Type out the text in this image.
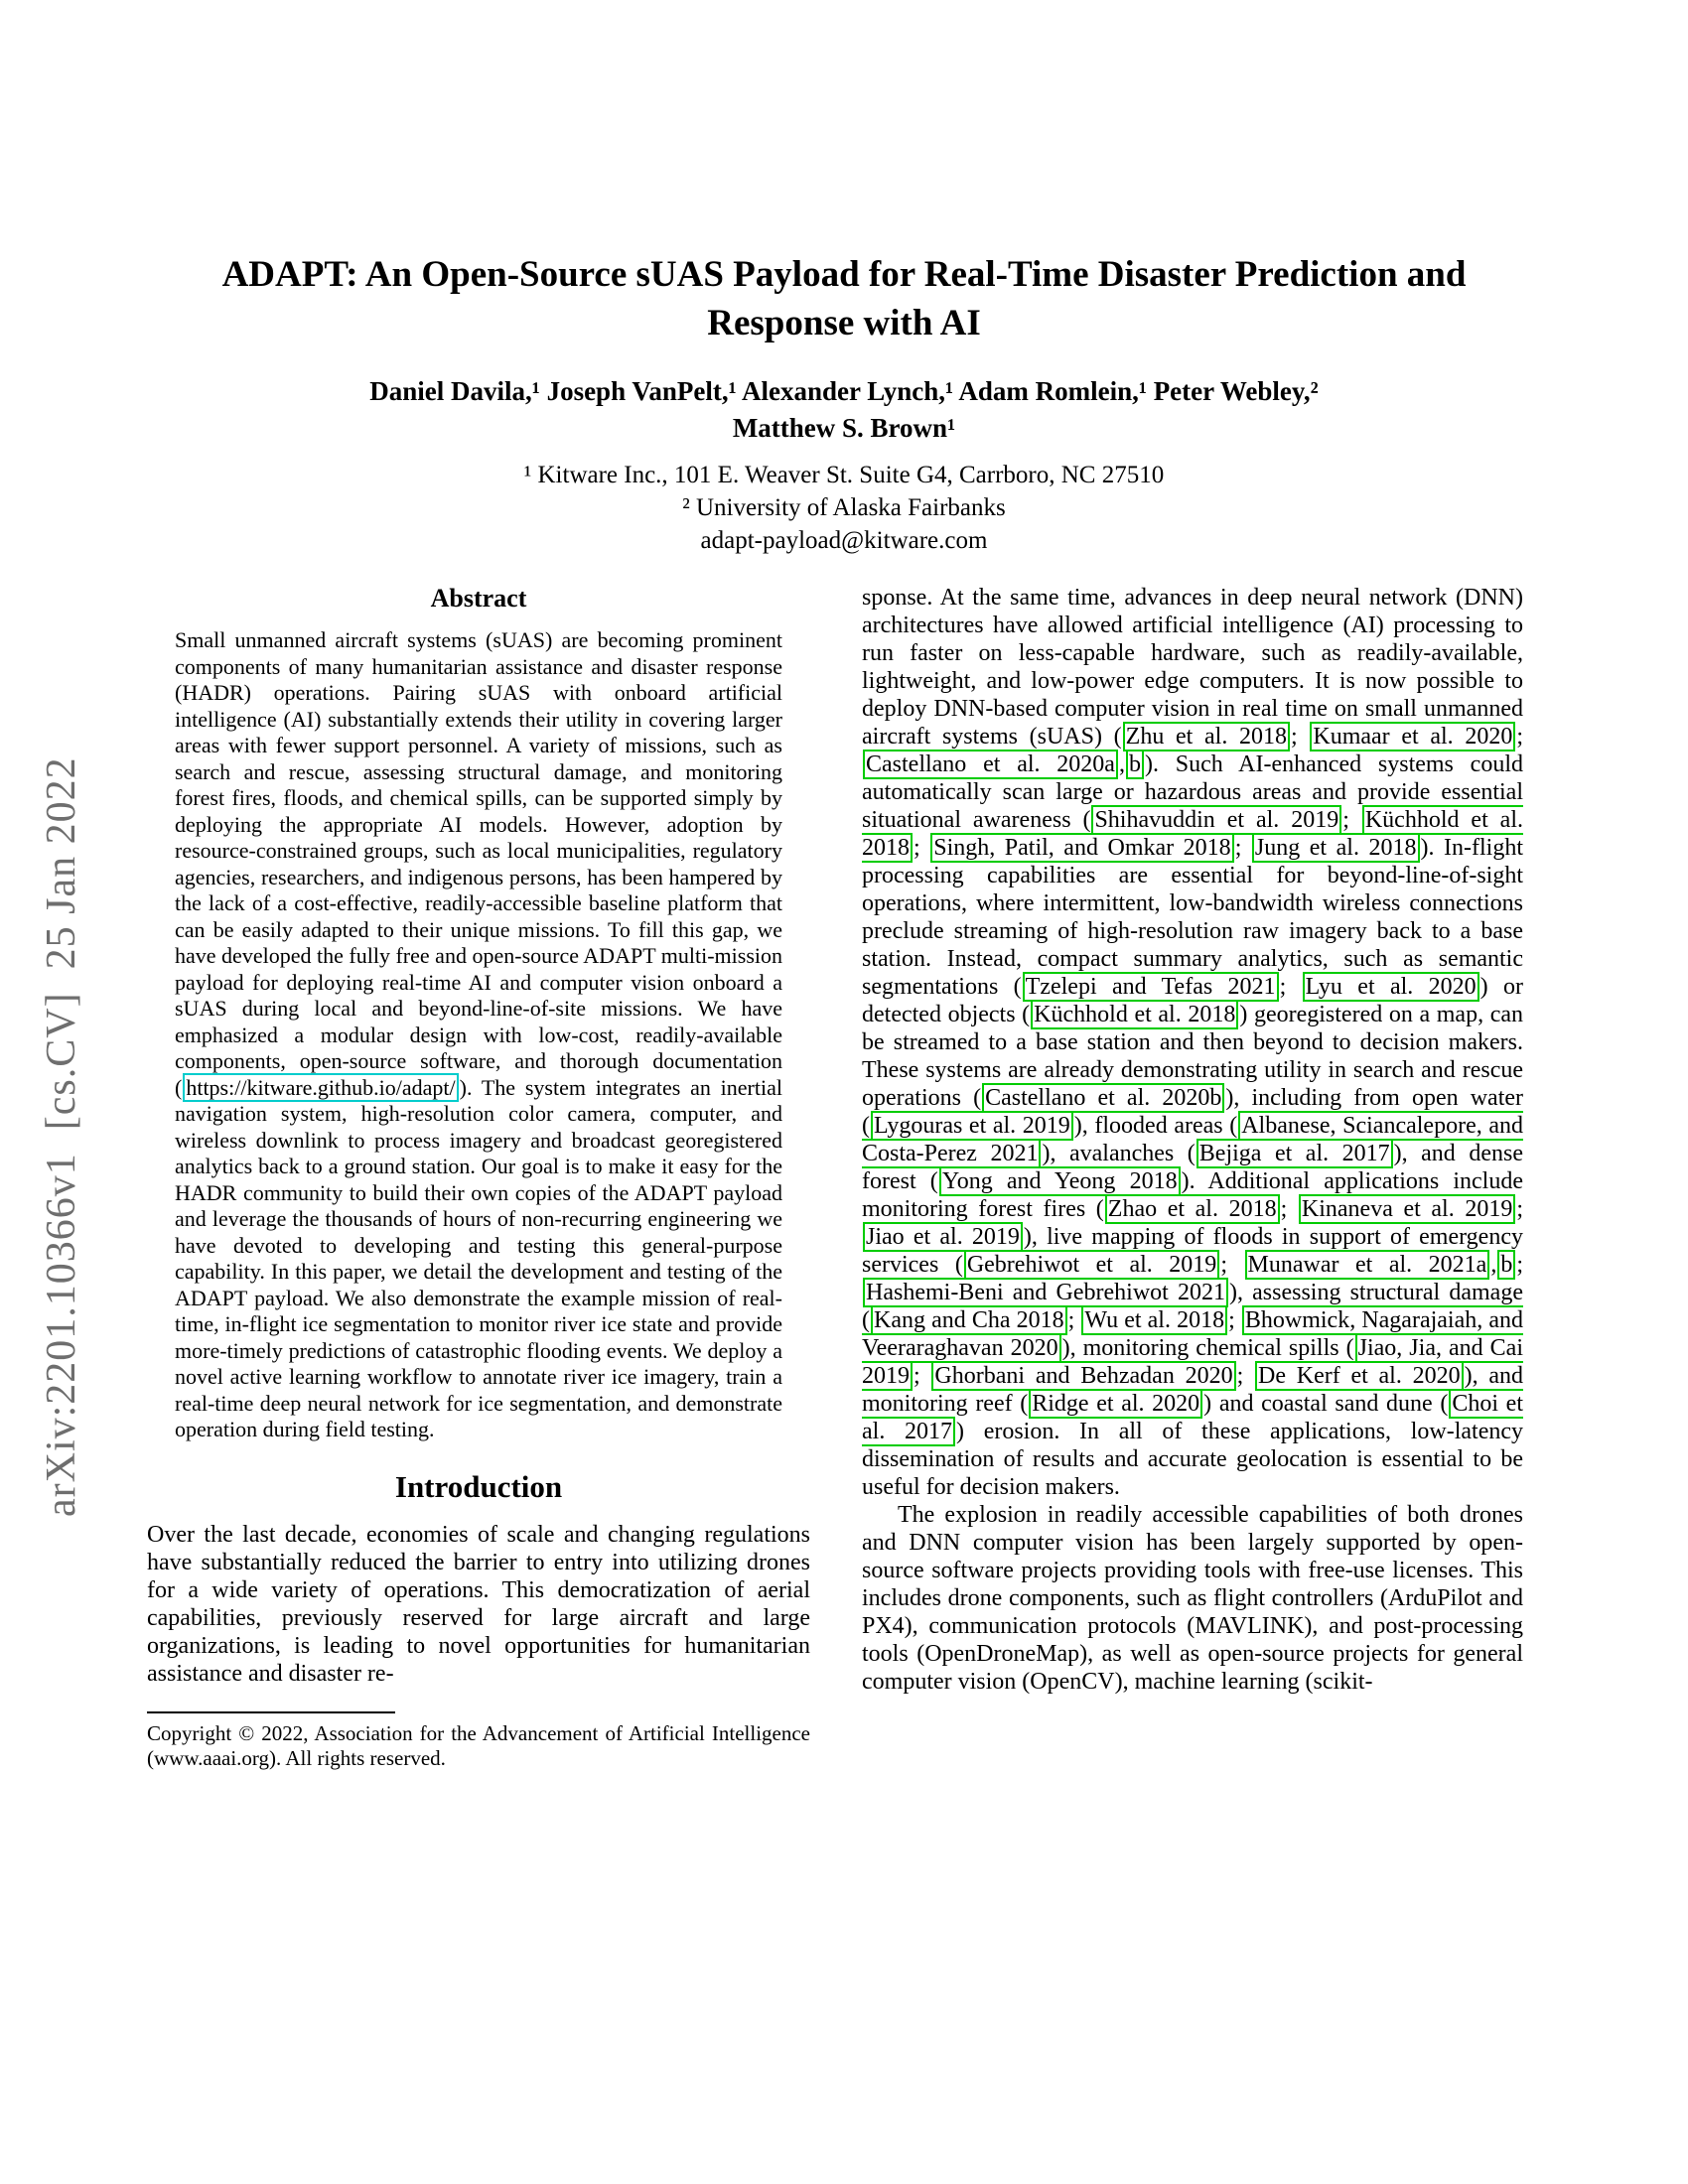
arXiv:2201.10366v1  [cs.CV]  25 Jan 2022
ADAPT: An Open-Source sUAS Payload for Real-Time Disaster Prediction and
Response with AI
Daniel Davila,¹ Joseph VanPelt,¹ Alexander Lynch,¹ Adam Romlein,¹ Peter Webley,²
Matthew S. Brown¹
¹ Kitware Inc., 101 E. Weaver St. Suite G4, Carrboro, NC 27510
² University of Alaska Fairbanks
adapt-payload@kitware.com
Abstract

Small unmanned aircraft systems (sUAS) are becoming prominent components of many humanitarian assistance and disaster response (HADR) operations. Pairing sUAS with onboard artificial intelligence (AI) substantially extends their utility in covering larger areas with fewer support personnel. A variety of missions, such as search and rescue, assessing structural damage, and monitoring forest fires, floods, and chemical spills, can be supported simply by deploying the appropriate AI models. However, adoption by resource-constrained groups, such as local municipalities, regulatory agencies, researchers, and indigenous persons, has been hampered by the lack of a cost-effective, readily-accessible baseline platform that can be easily adapted to their unique missions. To fill this gap, we have developed the fully free and open-source ADAPT multi-mission payload for deploying real-time AI and computer vision onboard a sUAS during local and beyond-line-of-site missions. We have emphasized a modular design with low-cost, readily-available components, open-source software, and thorough documentation ( https://kitware.github.io/adapt/ ). The system integrates an inertial navigation system, high-resolution color camera, computer, and wireless downlink to process imagery and broadcast georegistered analytics back to a ground station. Our goal is to make it easy for the HADR community to build their own copies of the ADAPT payload and leverage the thousands of hours of non-recurring engineering we have devoted to developing and testing this general-purpose capability. In this paper, we detail the development and testing of the ADAPT payload. We also demonstrate the example mission of real-time, in-flight ice segmentation to monitor river ice state and provide more-timely predictions of catastrophic flooding events. We deploy a novel active learning workflow to annotate river ice imagery, train a real-time deep neural network for ice segmentation, and demonstrate operation during field testing.

Introduction

Over the last decade, economies of scale and changing regulations have substantially reduced the barrier to entry into utilizing drones for a wide variety of operations. This democratization of aerial capabilities, previously reserved for large aircraft and large organizations, is leading to novel opportunities for humanitarian assistance and disaster re-

Copyright © 2022, Association for the Advancement of Artificial Intelligence (www.aaai.org). All rights reserved.

sponse. At the same time, advances in deep neural network (DNN) architectures have allowed artificial intelligence (AI) processing to run faster on less-capable hardware, such as readily-available, lightweight, and low-power edge computers. It is now possible to deploy DNN-based computer vision in real time on small unmanned aircraft systems (sUAS) ( Zhu et al. 2018 ; Kumaar et al. 2020 ; Castellano et al. 2020a , b ). Such AI-enhanced systems could automatically scan large or hazardous areas and provide essential situational awareness ( Shihavuddin et al. 2019 ; Küchhold et al. 2018 ; Singh, Patil, and Omkar 2018 ; Jung et al. 2018 ). In-flight processing capabilities are essential for beyond-line-of-sight operations, where intermittent, low-bandwidth wireless connections preclude streaming of high-resolution raw imagery back to a base station. Instead, compact summary analytics, such as semantic segmentations ( Tzelepi and Tefas 2021 ; Lyu et al. 2020 ) or detected objects ( Küchhold et al. 2018 ) georegistered on a map, can be streamed to a base station and then beyond to decision makers. These systems are already demonstrating utility in search and rescue operations ( Castellano et al. 2020b ), including from open water ( Lygouras et al. 2019 ), flooded areas ( Albanese, Sciancalepore, and Costa-Perez 2021 ), avalanches ( Bejiga et al. 2017 ), and dense forest ( Yong and Yeong 2018 ). Additional applications include monitoring forest fires ( Zhao et al. 2018 ; Kinaneva et al. 2019 ; Jiao et al. 2019 ), live mapping of floods in support of emergency services ( Gebrehiwot et al. 2019 ; Munawar et al. 2021a , b ; Hashemi-Beni and Gebrehiwot 2021 ), assessing structural damage ( Kang and Cha 2018 ; Wu et al. 2018 ; Bhowmick, Nagarajaiah, and Veeraraghavan 2020 ), monitoring chemical spills ( Jiao, Jia, and Cai 2019 ; Ghorbani and Behzadan 2020 ; De Kerf et al. 2020 ), and monitoring reef ( Ridge et al. 2020 ) and coastal sand dune ( Choi et al. 2017 ) erosion. In all of these applications, low-latency dissemination of results and accurate geolocation is essential to be useful for decision makers.

The explosion in readily accessible capabilities of both drones and DNN computer vision has been largely supported by open-source software projects providing tools with free-use licenses. This includes drone components, such as flight controllers (ArduPilot and PX4), communication protocols (MAVLINK), and post-processing tools (OpenDroneMap), as well as open-source projects for general computer vision (OpenCV), machine learning (scikit-
